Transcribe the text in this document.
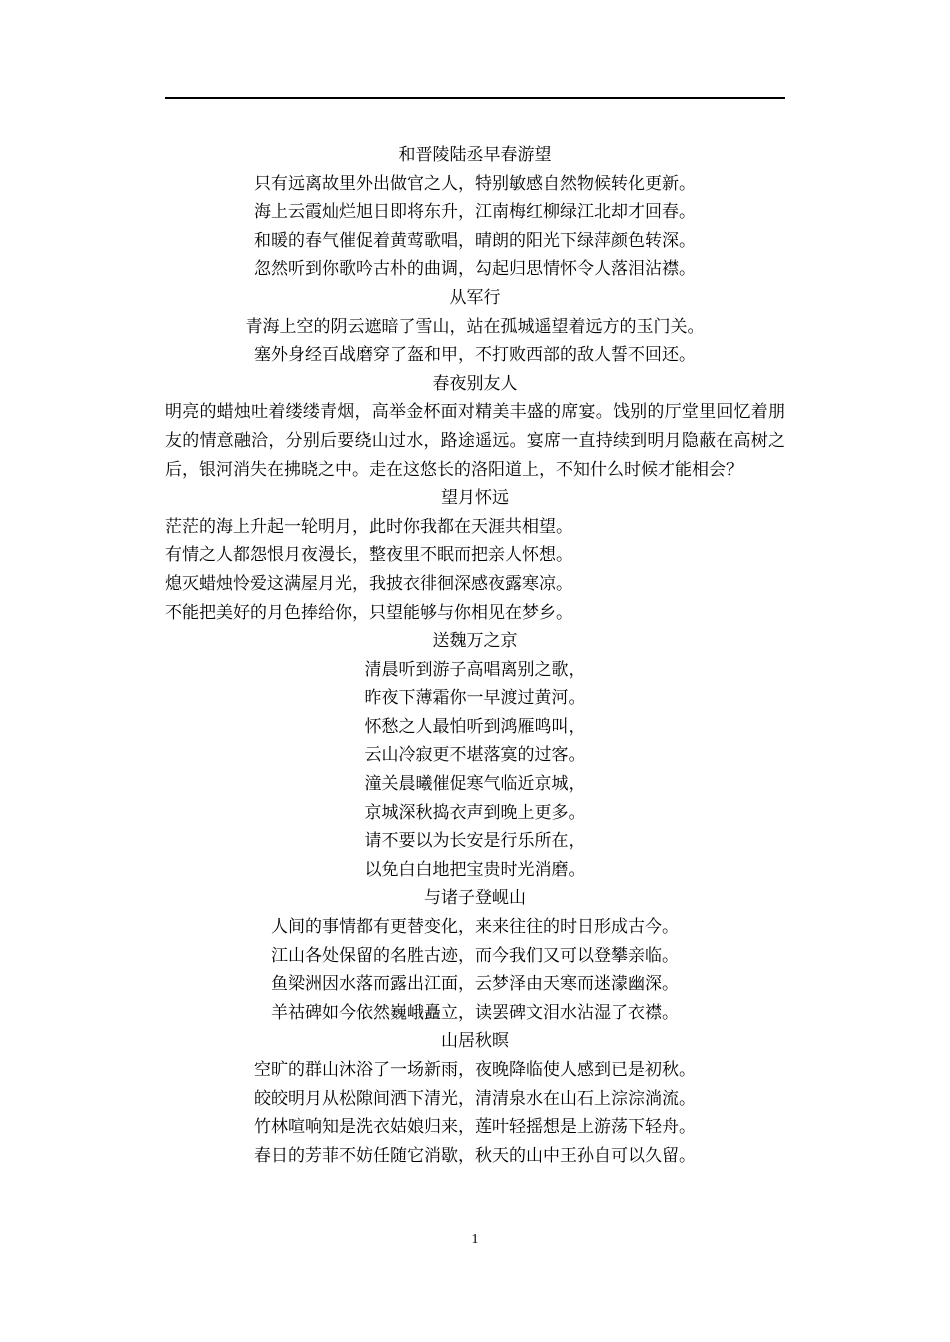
和晋陵陆丞早春游望

只有远离故里外出做官之人，特别敏感自然物候转化更新。

海上云霞灿烂旭日即将东升，江南梅红柳绿江北却才回春。

和暖的春气催促着黄莺歌唱，晴朗的阳光下绿萍颜色转深。

忽然听到你歌吟古朴的曲调，勾起归思情怀令人落泪沾襟。

从军行

青海上空的阴云遮暗了雪山，站在孤城遥望着远方的玉门关。

塞外身经百战磨穿了盔和甲，不打败西部的敌人誓不回还。

春夜别友人

明亮的蜡烛吐着缕缕青烟，高举金杯面对精美丰盛的席宴。饯别的厅堂里回忆着朋友的情意融洽，分别后要绕山过水，路途遥远。宴席一直持续到明月隐蔽在高树之后，银河消失在拂晓之中。走在这悠长的洛阳道上，不知什么时候才能相会？

望月怀远

茫茫的海上升起一轮明月，此时你我都在天涯共相望。

有情之人都怨恨月夜漫长，整夜里不眠而把亲人怀想。

熄灭蜡烛怜爱这满屋月光，我披衣徘徊深感夜露寒凉。

不能把美好的月色捧给你，只望能够与你相见在梦乡。

送魏万之京

清晨听到游子高唱离别之歌，

昨夜下薄霜你一早渡过黄河。

怀愁之人最怕听到鸿雁鸣叫，

云山冷寂更不堪落寞的过客。

潼关晨曦催促寒气临近京城，

京城深秋捣衣声到晚上更多。

请不要以为长安是行乐所在，

以免白白地把宝贵时光消磨。

与诸子登岘山

人间的事情都有更替变化，来来往往的时日形成古今。

江山各处保留的名胜古迹，而今我们又可以登攀亲临。

鱼梁洲因水落而露出江面，云梦泽由天寒而迷濛幽深。

羊祜碑如今依然巍峨矗立，读罢碑文泪水沾湿了衣襟。

山居秋暝

空旷的群山沐浴了一场新雨，夜晚降临使人感到已是初秋。

皎皎明月从松隙间洒下清光，清清泉水在山石上淙淙淌流。

竹林喧响知是洗衣姑娘归来，莲叶轻摇想是上游荡下轻舟。

春日的芳菲不妨任随它消歇，秋天的山中王孙自可以久留。

1
